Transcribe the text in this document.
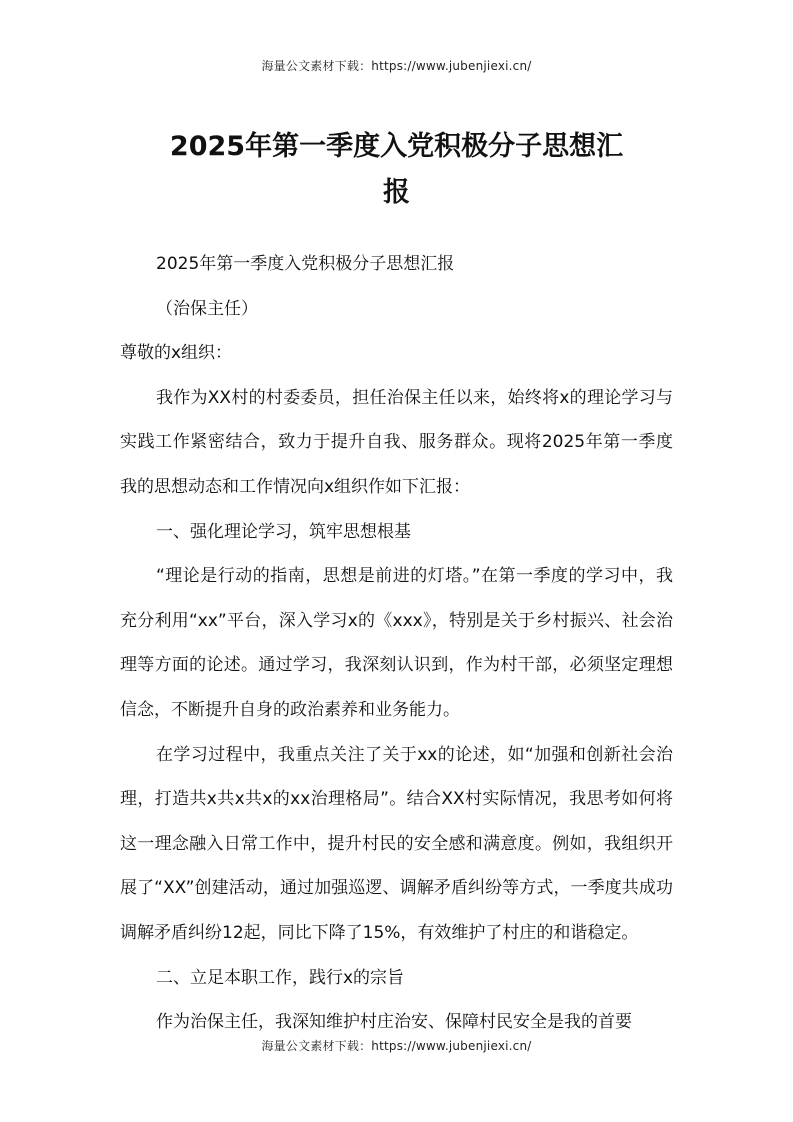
海量公文素材下载：https://www.jubenjiexi.cn/
2025年第一季度入党积极分子思想汇
报

2025年第一季度入党积极分子思想汇报

（治保主任）

尊敬的x组织：

我作为XX村的村委委员，担任治保主任以来，始终将x的理论学习与实践工作紧密结合，致力于提升自我、服务群众。现将2025年第一季度我的思想动态和工作情况向x组织作如下汇报：

一、强化理论学习，筑牢思想根基

“理论是行动的指南，思想是前进的灯塔。”在第一季度的学习中，我充分利用“xx”平台，深入学习x的《xxx》，特别是关于乡村振兴、社会治理等方面的论述。通过学习，我深刻认识到，作为村干部，必须坚定理想信念，不断提升自身的政治素养和业务能力。

在学习过程中，我重点关注了关于xx的论述，如“加强和创新社会治理，打造共x共x共x的xx治理格局”。结合XX村实际情况，我思考如何将这一理念融入日常工作中，提升村民的安全感和满意度。例如，我组织开展了“XX”创建活动，通过加强巡逻、调解矛盾纠纷等方式，一季度共成功调解矛盾纠纷12起，同比下降了15%，有效维护了村庄的和谐稳定。

二、立足本职工作，践行x的宗旨

作为治保主任，我深知维护村庄治安、保障村民安全是我的首要

海量公文素材下载：https://www.jubenjiexi.cn/
